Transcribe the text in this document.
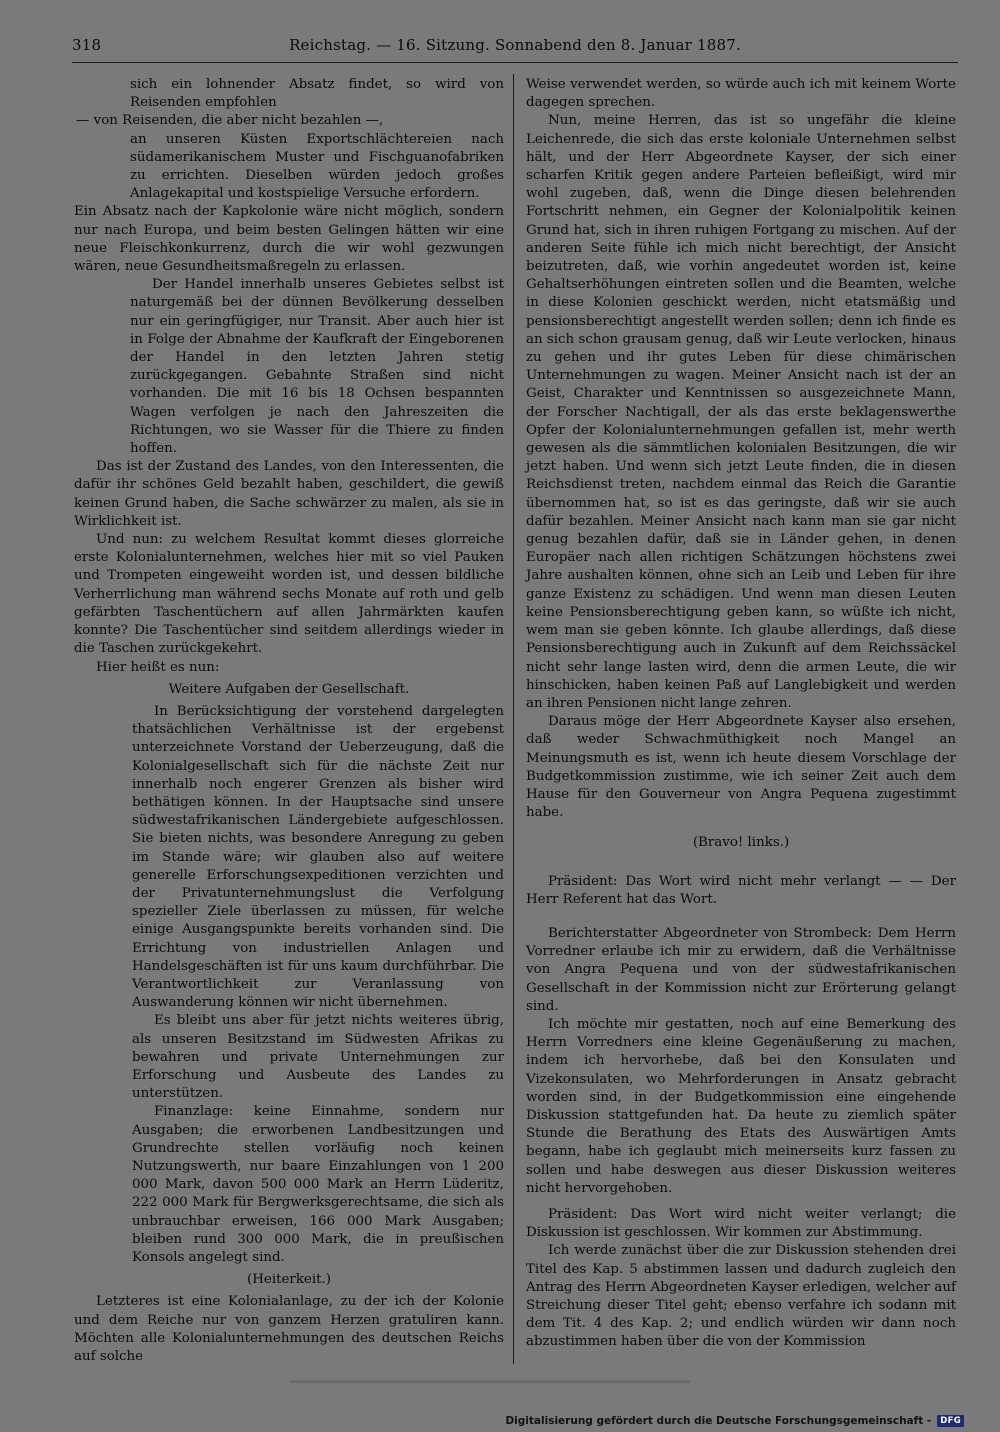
318	Reichstag. — 16. Sitzung. Sonnabend den 8. Januar 1887.

sich ein lohnender Absatz findet, so wird von Reisenden empfohlen

— von Reisenden, die aber nicht bezahlen —,

an unseren Küsten Exportschlächtereien nach südamerikanischem Muster und Fischguanofabriken zu errichten. Dieselben würden jedoch großes Anlagekapital und kostspielige Versuche erfordern.

Ein Absatz nach der Kapkolonie wäre nicht möglich, sondern nur nach Europa, und beim besten Gelingen hätten wir eine neue Fleischkonkurrenz, durch die wir wohl gezwungen wären, neue Gesundheitsmaßregeln zu erlassen.

Der Handel innerhalb unseres Gebietes selbst ist naturgemäß bei der dünnen Bevölkerung desselben nur ein geringfügiger, nur Transit. Aber auch hier ist in Folge der Abnahme der Kaufkraft der Eingeborenen der Handel in den letzten Jahren stetig zurückgegangen. Gebahnte Straßen sind nicht vorhanden. Die mit 16 bis 18 Ochsen bespannten Wagen verfolgen je nach den Jahreszeiten die Richtungen, wo sie Wasser für die Thiere zu finden hoffen.

Das ist der Zustand des Landes, von den Interessenten, die dafür ihr schönes Geld bezahlt haben, geschildert, die gewiß keinen Grund haben, die Sache schwärzer zu malen, als sie in Wirklichkeit ist.

Und nun: zu welchem Resultat kommt dieses glorreiche erste Kolonialunternehmen, welches hier mit so viel Pauken und Trompeten eingeweiht worden ist, und dessen bildliche Verherrlichung man während sechs Monate auf roth und gelb gefärbten Taschentüchern auf allen Jahrmärkten kaufen konnte? Die Taschentücher sind seitdem allerdings wieder in die Taschen zurückgekehrt.

Hier heißt es nun:

Weitere Aufgaben der Gesellschaft.

In Berücksichtigung der vorstehend dargelegten thatsächlichen Verhältnisse ist der ergebenst unterzeichnete Vorstand der Ueberzeugung, daß die Kolonialgesellschaft sich für die nächste Zeit nur innerhalb noch engerer Grenzen als bisher wird bethätigen können. In der Hauptsache sind unsere südwestafrikanischen Ländergebiete aufgeschlossen. Sie bieten nichts, was besondere Anregung zu geben im Stande wäre; wir glauben also auf weitere generelle Erforschungsexpeditionen verzichten und der Privatunternehmungslust die Verfolgung spezieller Ziele überlassen zu müssen, für welche einige Ausgangspunkte bereits vorhanden sind. Die Errichtung von industriellen Anlagen und Handelsgeschäften ist für uns kaum durchführbar. Die Verantwortlichkeit zur Veranlassung von Auswanderung können wir nicht übernehmen.

Es bleibt uns aber für jetzt nichts weiteres übrig, als unseren Besitzstand im Südwesten Afrikas zu bewahren und private Unternehmungen zur Erforschung und Ausbeute des Landes zu unterstützen.

Finanzlage: keine Einnahme, sondern nur Ausgaben; die erworbenen Landbesitzungen und Grundrechte stellen vorläufig noch keinen Nutzungswerth, nur baare Einzahlungen von 1 200 000 Mark, davon 500 000 Mark an Herrn Lüderitz, 222 000 Mark für Bergwerksgerechtsame, die sich als unbrauchbar erweisen, 166 000 Mark Ausgaben; bleiben rund 300 000 Mark, die in preußischen Konsols angelegt sind.

(Heiterkeit.)

Letzteres ist eine Kolonialanlage, zu der ich der Kolonie und dem Reiche nur von ganzem Herzen gratuliren kann. Möchten alle Kolonialunternehmungen des deutschen Reichs auf solche

Weise verwendet werden, so würde auch ich mit keinem Worte dagegen sprechen.

Nun, meine Herren, das ist so ungefähr die kleine Leichenrede, die sich das erste koloniale Unternehmen selbst hält, und der Herr Abgeordnete Kayser, der sich einer scharfen Kritik gegen andere Parteien befleißigt, wird mir wohl zugeben, daß, wenn die Dinge diesen belehrenden Fortschritt nehmen, ein Gegner der Kolonialpolitik keinen Grund hat, sich in ihren ruhigen Fortgang zu mischen. Auf der anderen Seite fühle ich mich nicht berechtigt, der Ansicht beizutreten, daß, wie vorhin angedeutet worden ist, keine Gehaltserhöhungen eintreten sollen und die Beamten, welche in diese Kolonien geschickt werden, nicht etatsmäßig und pensionsberechtigt angestellt werden sollen; denn ich finde es an sich schon grausam genug, daß wir Leute verlocken, hinaus zu gehen und ihr gutes Leben für diese chimärischen Unternehmungen zu wagen. Meiner Ansicht nach ist der an Geist, Charakter und Kenntnissen so ausgezeichnete Mann, der Forscher Nachtigall, der als das erste beklagenswerthe Opfer der Kolonialunternehmungen gefallen ist, mehr werth gewesen als die sämmtlichen kolonialen Besitzungen, die wir jetzt haben. Und wenn sich jetzt Leute finden, die in diesen Reichsdienst treten, nachdem einmal das Reich die Garantie übernommen hat, so ist es das geringste, daß wir sie auch dafür bezahlen. Meiner Ansicht nach kann man sie gar nicht genug bezahlen dafür, daß sie in Länder gehen, in denen Europäer nach allen richtigen Schätzungen höchstens zwei Jahre aushalten können, ohne sich an Leib und Leben für ihre ganze Existenz zu schädigen. Und wenn man diesen Leuten keine Pensionsberechtigung geben kann, so wüßte ich nicht, wem man sie geben könnte. Ich glaube allerdings, daß diese Pensionsberechtigung auch in Zukunft auf dem Reichssäckel nicht sehr lange lasten wird, denn die armen Leute, die wir hinschicken, haben keinen Paß auf Langlebigkeit und werden an ihren Pensionen nicht lange zehren.

Daraus möge der Herr Abgeordnete Kayser also ersehen, daß weder Schwachmüthigkeit noch Mangel an Meinungsmuth es ist, wenn ich heute diesem Vorschlage der Budgetkommission zustimme, wie ich seiner Zeit auch dem Hause für den Gouverneur von Angra Pequena zugestimmt habe.

(Bravo! links.)

Präsident: Das Wort wird nicht mehr verlangt — — Der Herr Referent hat das Wort.

Berichterstatter Abgeordneter von Strombeck: Dem Herrn Vorredner erlaube ich mir zu erwidern, daß die Verhältnisse von Angra Pequena und von der südwestafrikanischen Gesellschaft in der Kommission nicht zur Erörterung gelangt sind.

Ich möchte mir gestatten, noch auf eine Bemerkung des Herrn Vorredners eine kleine Gegenäußerung zu machen, indem ich hervorhebe, daß bei den Konsulaten und Vizekonsulaten, wo Mehrforderungen in Ansatz gebracht worden sind, in der Budgetkommission eine eingehende Diskussion stattgefunden hat. Da heute zu ziemlich später Stunde die Berathung des Etats des Auswärtigen Amts begann, habe ich geglaubt mich meinerseits kurz fassen zu sollen und habe deswegen aus dieser Diskussion weiteres nicht hervorgehoben.

Präsident: Das Wort wird nicht weiter verlangt; die Diskussion ist geschlossen. Wir kommen zur Abstimmung.

Ich werde zunächst über die zur Diskussion stehenden drei Titel des Kap. 5 abstimmen lassen und dadurch zugleich den Antrag des Herrn Abgeordneten Kayser erledigen, welcher auf Streichung dieser Titel geht; ebenso verfahre ich sodann mit dem Tit. 4 des Kap. 2; und endlich würden wir dann noch abzustimmen haben über die von der Kommission

Digitalisierung gefördert durch die Deutsche Forschungsgemeinschaft -	DFG
